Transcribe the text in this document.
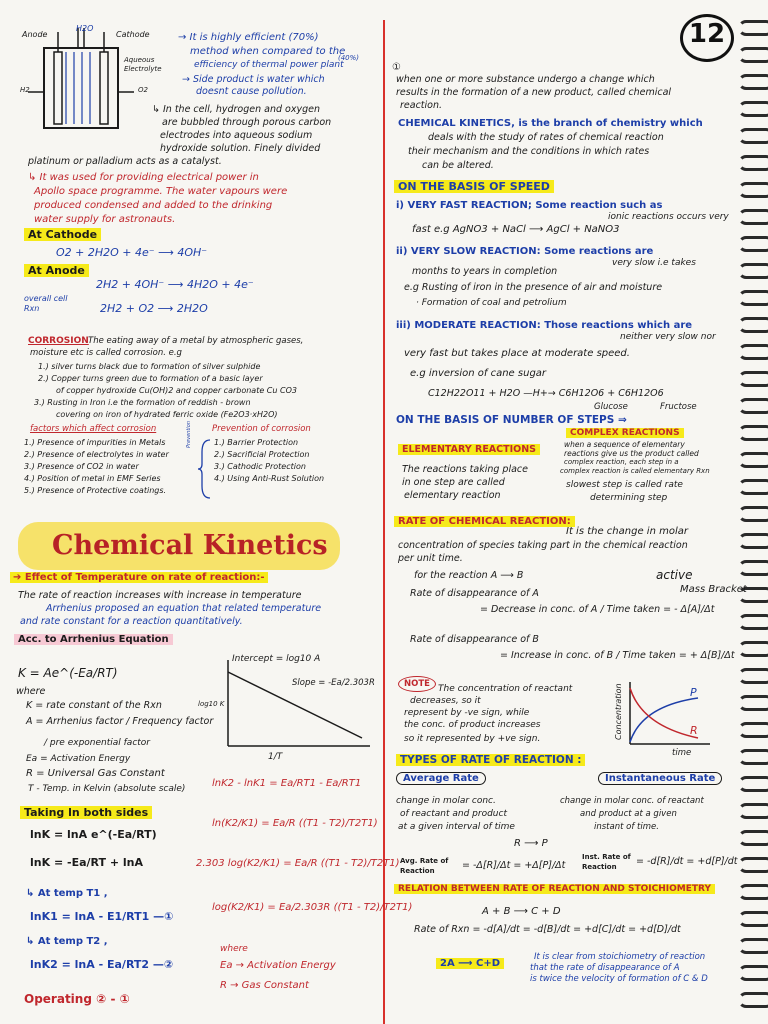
12
Anode
H2O
Cathode
Aqueous Electrolyte
H2	O2
→ It is highly efficient (70%)
method when compared to the
efficiency of thermal power plant
(40%)
→ Side product is water which
doesnt cause pollution.
↳ In the cell, hydrogen and oxygen
are bubbled through porous carbon
electrodes into aqueous sodium
hydroxide solution. Finely divided
platinum or palladium acts as a catalyst.
↳ It was used for providing electrical power in
Apollo space programme. The water vapours were
produced condensed and added to the drinking
water supply for astronauts.
At Cathode
O2 + 2H2O + 4e⁻ ⟶ 4OH⁻
At Anode
2H2 + 4OH⁻ ⟶ 4H2O + 4e⁻
overall cell Rxn	2H2 + O2 ⟶ 2H2O
CORROSION The eating away of a metal by atmospheric gases,
moisture etc is called corrosion. e.g
1.) silver turns black due to formation of silver sulphide
2.) Copper turns green due to formation of a basic layer
of copper hydroxide Cu(OH)2 and copper carbonate Cu CO3
3.) Rusting in Iron i.e the formation of reddish - brown
covering on iron of hydrated ferric oxide (Fe2O3·xH2O)
factors which affect corrosion	Prevention of corrosion
1.) Presence of impurities in Metals
2.) Presence of electrolytes in water
3.) Presence of CO2 in water
4.) Position of metal in EMF Series
5.) Presence of Protective coatings.
1.) Barrier Protection
2.) Sacrificial Protection
3.) Cathodic Protection
4.) Using Anti-Rust Solution
Prevention
Chemical Kinetics
➔ Effect of Temperature on rate of reaction:-
The rate of reaction increases with increase in temperature
Arrhenius proposed an equation that related temperature
and rate constant for a reaction quantitatively.
Acc. to Arrhenius Equation
K = Ae^(-Ea/RT)
where
K = rate constant of the Rxn
A = Arrhenius factor / Frequency factor
/ pre exponential factor
Ea = Activation Energy
R = Universal Gas Constant
T - Temp. in Kelvin (absolute scale)
Taking ln both sides
lnK = lnA e^(-Ea/RT)
lnK = -Ea/RT + lnA
↳ At temp T1 ,
lnK1 = lnA - E1/RT1 —①
↳ At temp T2 ,
lnK2 = lnA - Ea/RT2 —②
Operating ② - ①
Intercept = log10 A
Slope = -Ea/2.303R
log10 K
1/T
lnK2 - lnK1 = Ea/RT1 - Ea/RT1
ln(K2/K1) = Ea/R ((T1 - T2)/T2T1)
2.303 log(K2/K1) = Ea/R ((T1 - T2)/T2T1)
log(K2/K1) = Ea/2.303R ((T1 - T2)/T2T1)
where
Ea → Activation Energy
R → Gas Constant
①
when one or more substance undergo a change which
results in the formation of a new product, called chemical
reaction.
CHEMICAL KINETICS, is the branch of chemistry which
deals with the study of rates of chemical reaction
their mechanism and the conditions in which rates
can be altered.
ON THE BASIS OF SPEED
i) VERY FAST REACTION; Some reaction such as
ionic reactions occurs very
fast e.g AgNO3 + NaCl ⟶ AgCl + NaNO3
ii) VERY SLOW REACTION: Some reactions are
very slow i.e takes
months to years in completion
e.g Rusting of iron in the presence of air and moisture
· Formation of coal and petrolium
iii) MODERATE REACTION: Those reactions which are
neither very slow nor
very fast but takes place at moderate speed.
e.g inversion of cane sugar
C12H22O11 + H2O —H+→ C6H12O6 + C6H12O6
Glucose	Fructose
ON THE BASIS OF NUMBER OF STEPS ⇒
COMPLEX REACTIONS
ELEMENTARY REACTIONS
The reactions taking place
in one step are called
elementary reaction
when a sequence of elementary
reactions give us the product called
complex reaction, each step in a
complex reaction is called elementary Rxn
slowest step is called rate
determining step
RATE OF CHEMICAL REACTION:
It is the change in molar
concentration of species taking part in the chemical reaction
per unit time.
for the reaction A ⟶ B	active
Mass Bracket
Rate of disappearance of A
= Decrease in conc. of A / Time taken = - Δ[A]/Δt
Rate of disappearance of B
= Increase in conc. of B / Time taken = + Δ[B]/Δt
NOTE The concentration of reactant
decreases, so it
represent by -ve sign, while
the conc. of product increases
so it represented by +ve sign.	Concentration
time
P
R
TYPES OF RATE OF REACTION :
Average Rate	Instantaneous Rate
change in molar conc.
of reactant and product
at a given interval of time
change in molar conc. of reactant
and product at a given
instant of time.
R ⟶ P
Avg. Rate of Reaction	= -Δ[R]/Δt = +Δ[P]/Δt
Inst. Rate of Reaction	= -d[R]/dt = +d[P]/dt
RELATION BETWEEN RATE OF REACTION AND STOICHIOMETRY
A + B ⟶ C + D
Rate of Rxn = -d[A]/dt = -d[B]/dt = +d[C]/dt = +d[D]/dt
2A ⟶ C+D
It is clear from stoichiometry of reaction
that the rate of disappearance of A
is twice the velocity of formation of C & D
